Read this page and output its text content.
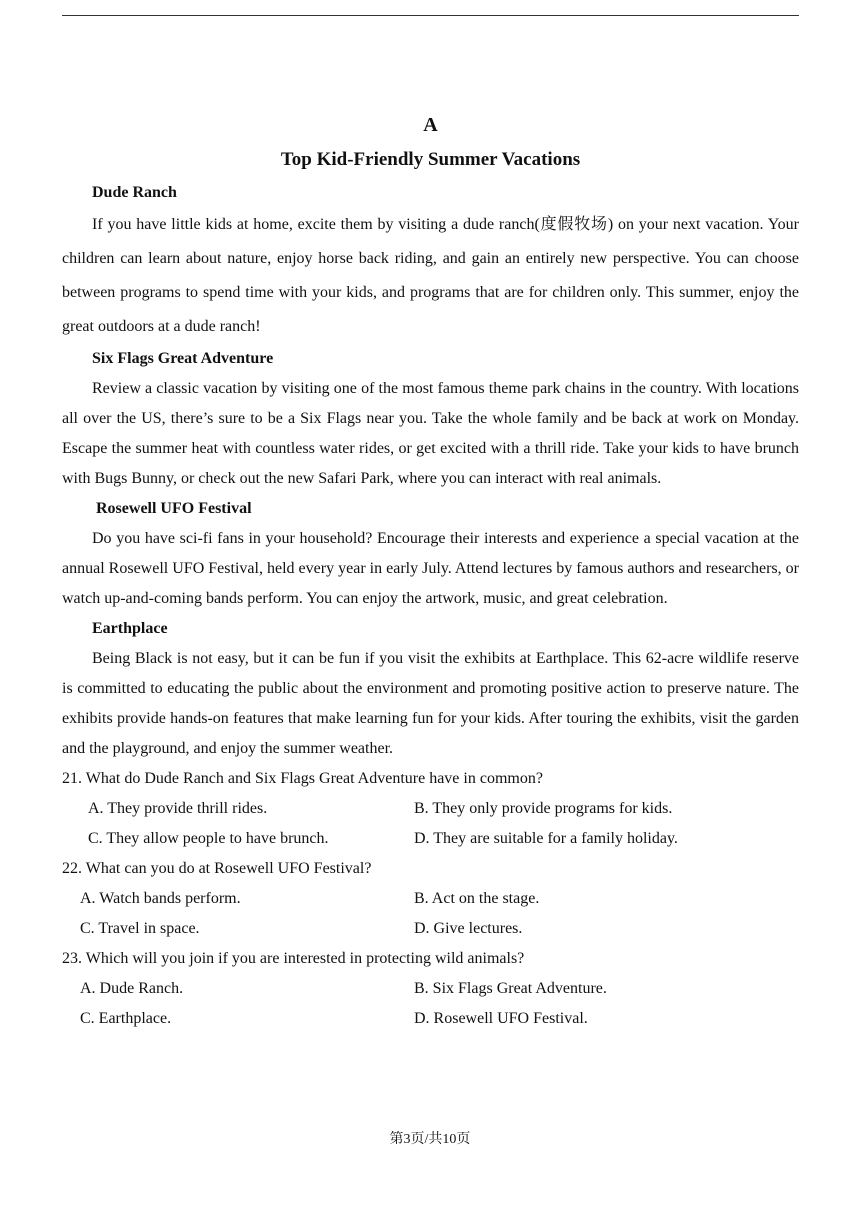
A
Top Kid-Friendly Summer Vacations
Dude Ranch

If you have little kids at home, excite them by visiting a dude ranch(度假牧场) on your next vacation. Your children can learn about nature, enjoy horse back riding, and gain an entirely new perspective. You can choose between programs to spend time with your kids, and programs that are for children only. This summer, enjoy the great outdoors at a dude ranch!

Six Flags Great Adventure

Review a classic vacation by visiting one of the most famous theme park chains in the country. With locations all over the US, there’s sure to be a Six Flags near you. Take the whole family and be back at work on Monday. Escape the summer heat with countless water rides, or get excited with a thrill ride. Take your kids to have brunch with Bugs Bunny, or check out the new Safari Park, where you can interact with real animals.

Rosewell UFO Festival

Do you have sci-fi fans in your household? Encourage their interests and experience a special vacation at the annual Rosewell UFO Festival, held every year in early July. Attend lectures by famous authors and researchers, or watch up-and-coming bands perform. You can enjoy the artwork, music, and great celebration.

Earthplace

Being Black is not easy, but it can be fun if you visit the exhibits at Earthplace. This 62-acre wildlife reserve is committed to educating the public about the environment and promoting positive action to preserve nature. The exhibits provide hands-on features that make learning fun for your kids. After touring the exhibits, visit the garden and the playground, and enjoy the summer weather.

21. What do Dude Ranch and Six Flags Great Adventure have in common?

A. They provide thrill rides.	B. They only provide programs for kids.
C. They allow people to have brunch.	D. They are suitable for a family holiday.

22. What can you do at Rosewell UFO Festival?

A. Watch bands perform.	B. Act on the stage.
C. Travel in space.	D. Give lectures.

23. Which will you join if you are interested in protecting wild animals?

A. Dude Ranch.	B. Six Flags Great Adventure.
C. Earthplace.	D. Rosewell UFO Festival.
第3页/共10页
